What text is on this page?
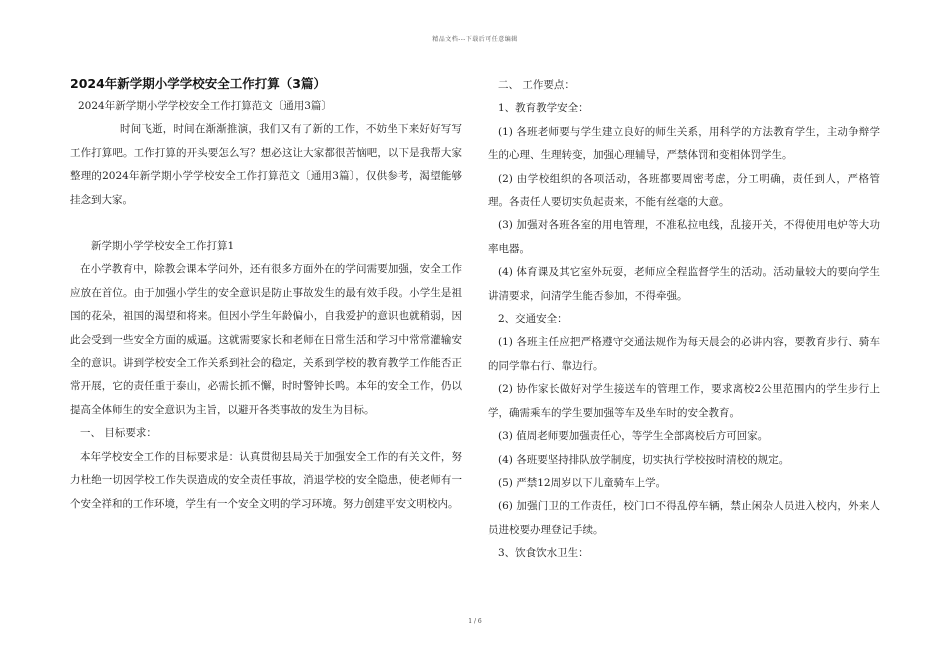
精品文档---下载后可任意编辑
2024年新学期小学学校安全工作打算（3篇）

2024年新学期小学学校安全工作打算范文〔通用3篇〕

时间飞逝，时间在渐渐推演，我们又有了新的工作，不妨坐下来好好写写工作打算吧。工作打算的开头要怎么写？想必这让大家都很苦恼吧，以下是我帮大家整理的2024年新学期小学学校安全工作打算范文〔通用3篇〕，仅供参考，渴望能够挂念到大家。

新学期小学学校安全工作打算1

在小学教育中，除教会课本学问外，还有很多方面外在的学问需要加强，安全工作应放在首位。由于加强小学生的安全意识是防止事故发生的最有效手段。小学生是祖国的花朵，祖国的渴望和将来。但因小学生年龄偏小，自我爱护的意识也就稍弱，因此会受到一些安全方面的威逼。这就需要家长和老师在日常生活和学习中常常灌输安全的意识。讲到学校安全工作关系到社会的稳定，关系到学校的教育教学工作能否正常开展，它的责任重于泰山，必需长抓不懈，时时警钟长鸣。本年的安全工作，仍以提高全体师生的安全意识为主旨，以避开各类事故的发生为目标。

一、 目标要求：

本年学校安全工作的目标要求是：认真贯彻县局关于加强安全工作的有关文件，努力杜绝一切因学校工作失误造成的安全责任事故，消退学校的安全隐患，使老师有一个安全祥和的工作环境，学生有一个安全文明的学习环境。努力创建平安文明校内。

二、 工作要点：

1、教育教学安全：

(1) 各班老师要与学生建立良好的师生关系，用科学的方法教育学生，主动争辩学生的心理、生理转变，加强心理辅导，严禁体罚和变相体罚学生。

(2) 由学校组织的各项活动，各班都要周密考虑，分工明确，责任到人，严格管理。各责任人要切实负起责来，不能有丝毫的大意。

(3) 加强对各班各室的用电管理，不准私拉电线，乱接开关，不得使用电炉等大功率电器。

(4) 体育课及其它室外玩耍，老师应全程监督学生的活动。活动量较大的要向学生讲清要求，问清学生能否参加，不得牵强。

2、交通安全：

(1) 各班主任应把严格遵守交通法规作为每天晨会的必讲内容，要教育步行、骑车的同学靠右行、靠边行。

(2) 协作家长做好对学生接送车的管理工作，要求离校2公里范围内的学生步行上学，确需乘车的学生要加强等车及坐车时的安全教育。

(3) 值周老师要加强责任心，等学生全部离校后方可回家。

(4) 各班要坚持排队放学制度，切实执行学校按时清校的规定。

(5) 严禁12周岁以下儿童骑车上学。

(6) 加强门卫的工作责任，校门口不得乱停车辆，禁止闲杂人员进入校内，外来人员进校要办理登记手续。

3、饮食饮水卫生：

1 / 6
